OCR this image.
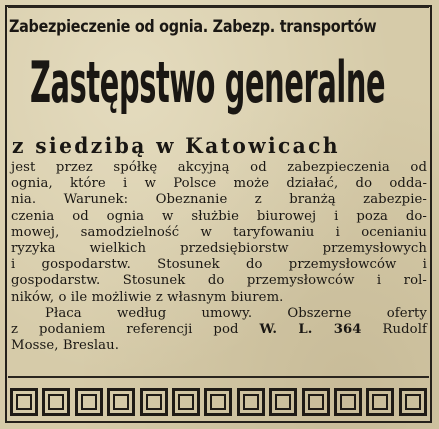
Zabezpieczenie od ognia. Zabezp. transportów
Zastępstwo generalne
z siedzibą w Katowicach
jest przez spółkę akcyjną od zabezpieczenia od
ognia, które i w Polsce może działać, do odda-
nia. Warunek: Obeznanie z branżą zabezpie-
czenia od ognia w służbie biurowej i poza do-
mowej, samodzielność w taryfowaniu i ocenianiu
ryzyka wielkich przedsiębiorstw przemysłowych
i gospodarstw. Stosunek do przemysłowców i
gospodarstw. Stosunek do przemysłowców i rol-
ników, o ile możliwie z własnym biurem.
Płaca według umowy. Obszerne oferty
z podaniem referencji pod W. L. 364 Rudolf
Mosse, Breslau.
